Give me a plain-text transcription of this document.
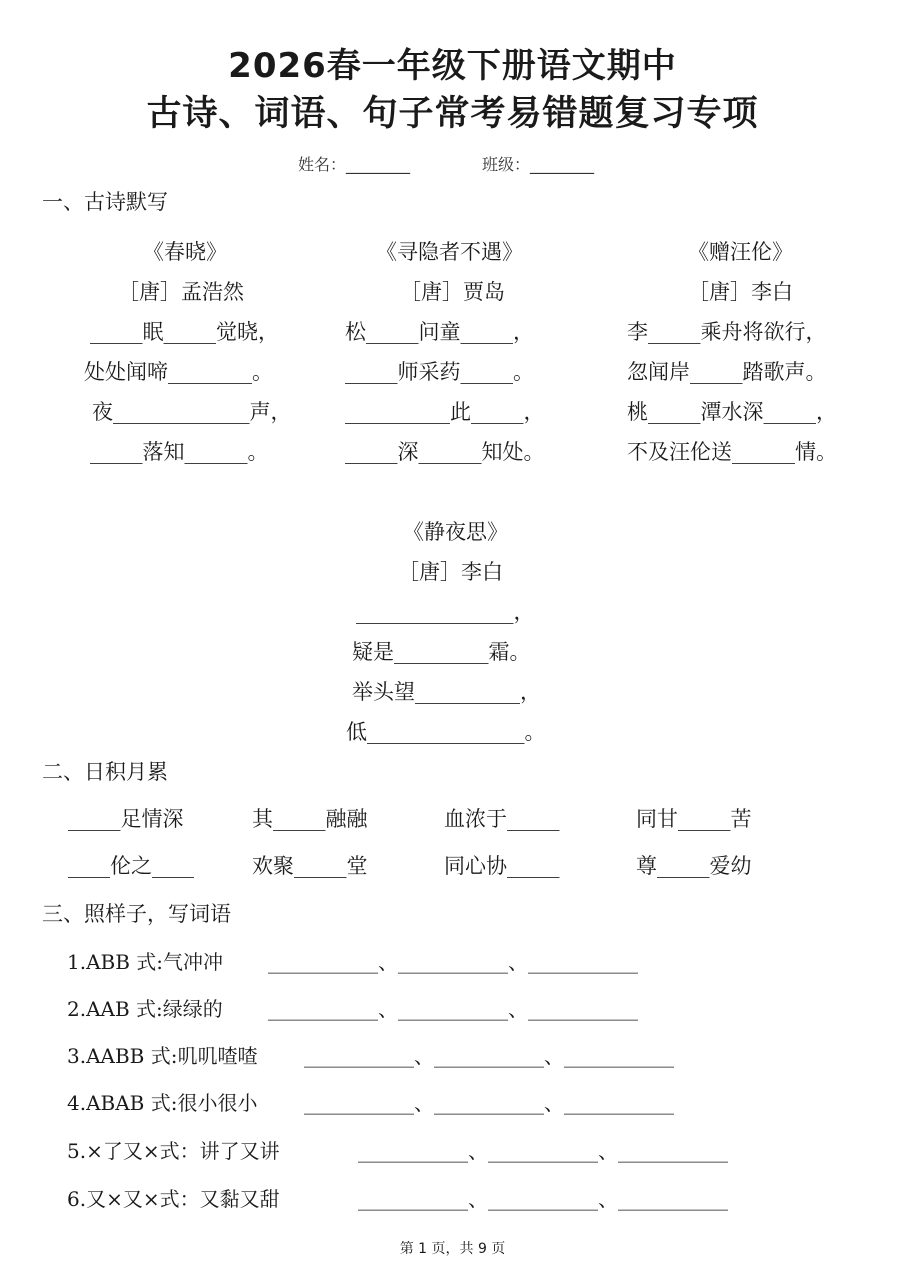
2026春一年级下册语文期中
古诗、词语、句子常考易错题复习专项
姓名：________	班级：________
一、古诗默写
《春晓》
［唐］孟浩然
_____眠_____觉晓，
处处闻啼________。
夜_____________声，
_____落知______。
《寻隐者不遇》
［唐］贾岛
松_____问童_____，
_____师采药_____。
__________此_____，
_____深______知处。
《赠汪伦》
［唐］李白
李_____乘舟将欲行，
忽闻岸_____踏歌声。
桃_____潭水深_____，
不及汪伦送______情。
《静夜思》
［唐］李白
_______________，
疑是_________霜。
举头望__________，
低_______________。
二、日积月累
_____足情深	其_____融融	血浓于_____	同甘_____苦
____伦之____	欢聚_____堂	同心协_____	尊_____爱幼
三、照样子，写词语
1.ABB 式:气冲冲 ___________、___________、___________
2.AAB 式:绿绿的 ___________、___________、___________
3.AABB 式:叽叽喳喳 ___________、___________、___________
4.ABAB 式:很小很小 ___________、___________、___________
5.×了又×式：讲了又讲	___________、___________、___________
6.又×又×式：又黏又甜	___________、___________、___________
第 1 页，共 9 页
